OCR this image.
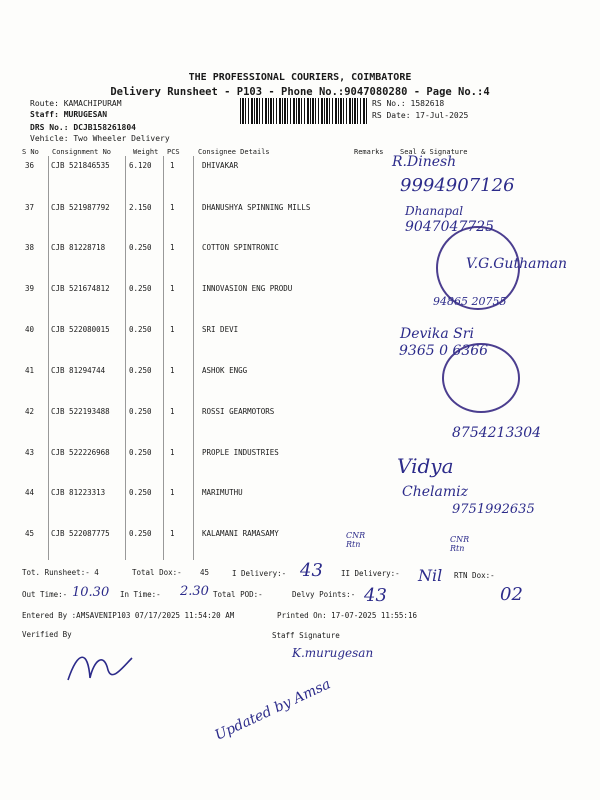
THE PROFESSIONAL COURIERS, COIMBATORE
Delivery Runsheet - P103 - Phone No.:9047080280 - Page No.:4
Route: KAMACHIPURAM
Staff: MURUGESAN
DRS No.: DCJB158261804
Vehicle: Two Wheeler Delivery
RS No.: 1582618
RS Date: 17-Jul-2025
S No Consignment No	Weight PCS	Consignee Details	Remarks Seal & Signature
36 CJB 521846535	6.120 1	DHIVAKAR
37 CJB 521987792	2.150 1	DHANUSHYA SPINNING MILLS
38 CJB 81228718	0.250 1	COTTON SPINTRONIC
39 CJB 521674812	0.250 1	INNOVASION ENG PRODU
40 CJB 522080015	0.250 1	SRI DEVI
41 CJB 81294744	0.250 1	ASHOK ENGG
42 CJB 522193488	0.250 1	ROSSI GEARMOTORS
43 CJB 522226968	0.250 1	PROPLE INDUSTRIES
44 CJB 81223313	0.250 1	MARIMUTHU
45 CJB 522087775	0.250 1	KALAMANI RAMASAMY
R.Dinesh
9994907126
Dhanapal
9047047725
V.G.Guthaman
94865 20755
Devika Sri
9365 0 6366
8754213304
Vidya
Chelamiz
9751992635
CNR Rtn
CNR Rtn
Tot. Runsheet:- 4	Total Dox:- 45	I Delivery:-	II Delivery:-	RTN Dox:-
Out Time:-	In Time:-	Total POD:-	Delvy Points:-
Entered By :AMSAVENIP103 07/17/2025 11:54:20 AM	Printed On: 17-07-2025 11:55:16
Verified By	Staff Signature
43	Nil
02
10.30	2.30	43
K.murugesan
Updated by Amsa
